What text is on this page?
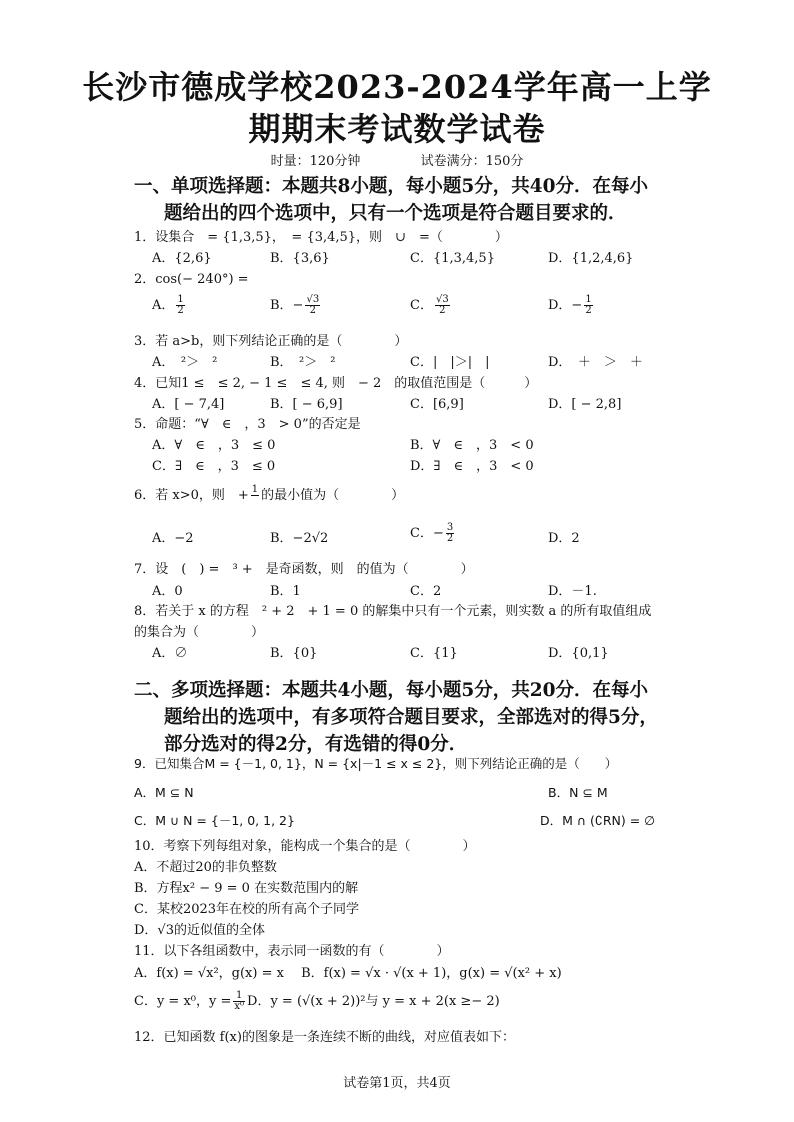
长沙市德成学校2023-2024学年高一上学
期期末考试数学试卷
时量：120分钟	试卷满分：150分
一、单项选择题：本题共8小题，每小题5分，共40分．在每小
题给出的四个选项中，只有一个选项是符合题目要求的．
1．设集合　= {1,3,5}，　= {3,4,5}，则　∪　=（　　　　）
A．{2,6}	B．{3,6}	C．{1,3,4,5}	D．{1,2,4,6}
2．cos(− 240°) =
A． $\frac{1}{2}$	B．− $\frac{√3}{2}$	C． $\frac{√3}{2}$	D．− $\frac{1}{2}$
3．若 a>b，则下列结论正确的是（　　　　）
A．　²＞　²	B．　²＞　²	C．|　|＞|　|	D．　＋　＞　＋
4．已知1 ≤　≤ 2, − 1 ≤　≤ 4, 则　− 2　的取值范围是（　　　）
A．[ − 7,4]	B．[ − 6,9]	C．[6,9]	D．[ − 2,8]
5．命题：“∀　∈　，3　> 0”的否定是
A．∀　∈　，3　≤ 0	B．∀　∈　，3　< 0
C．∃　∈　，3　≤ 0	D．∃　∈　，3　< 0
6．若 x>0，则　+ 1
的最小值为（　　　　）
A．−2	B．−2√2	C．− $\frac{3}{2}$	D．2
7．设　(　) =　³ +　是奇函数，则　的值为（　　　　）
A．0	B．1	C．2	D．－1.
8．若关于 x 的方程　² + 2　+ 1 = 0 的解集中只有一个元素，则实数 a 的所有取值组成
的集合为（　　　　）
A．∅	B．{0}	C．{1}	D．{0,1}
二、多项选择题：本题共4小题，每小题5分，共20分．在每小
题给出的选项中，有多项符合题目要求，全部选对的得5分，
部分选对的得2分，有选错的得0分．
9．已知集合M = {－1, 0, 1}，N = {x|－1 ≤ x ≤ 2}，则下列结论正确的是（　　）
A．M ⊆ N	B．N ⊆ M
C．M ∪ N = {－1, 0, 1, 2}	D．M ∩ (∁RN) = ∅
10．考察下列每组对象，能构成一个集合的是（　　　　）
A．不超过20的非负整数
B．方程x² − 9 = 0 在实数范围内的解
C．某校2023年在校的所有高个子同学
D．√3的近似值的全体
11．以下各组函数中，表示同一函数的有（　　　　）
A．f(x) = √x²，g(x) = x　 B．f(x) = √x · √(x + 1)，g(x) = √(x² + x)
C．y = x⁰，$y = \frac{1}{\text{x⁰}}$ D．y = (√(x + 2))²与 y = x + 2(x ≥− 2)
12．已知函数 f(x)的图象是一条连续不断的曲线，对应值表如下：
试卷第1页，共4页
